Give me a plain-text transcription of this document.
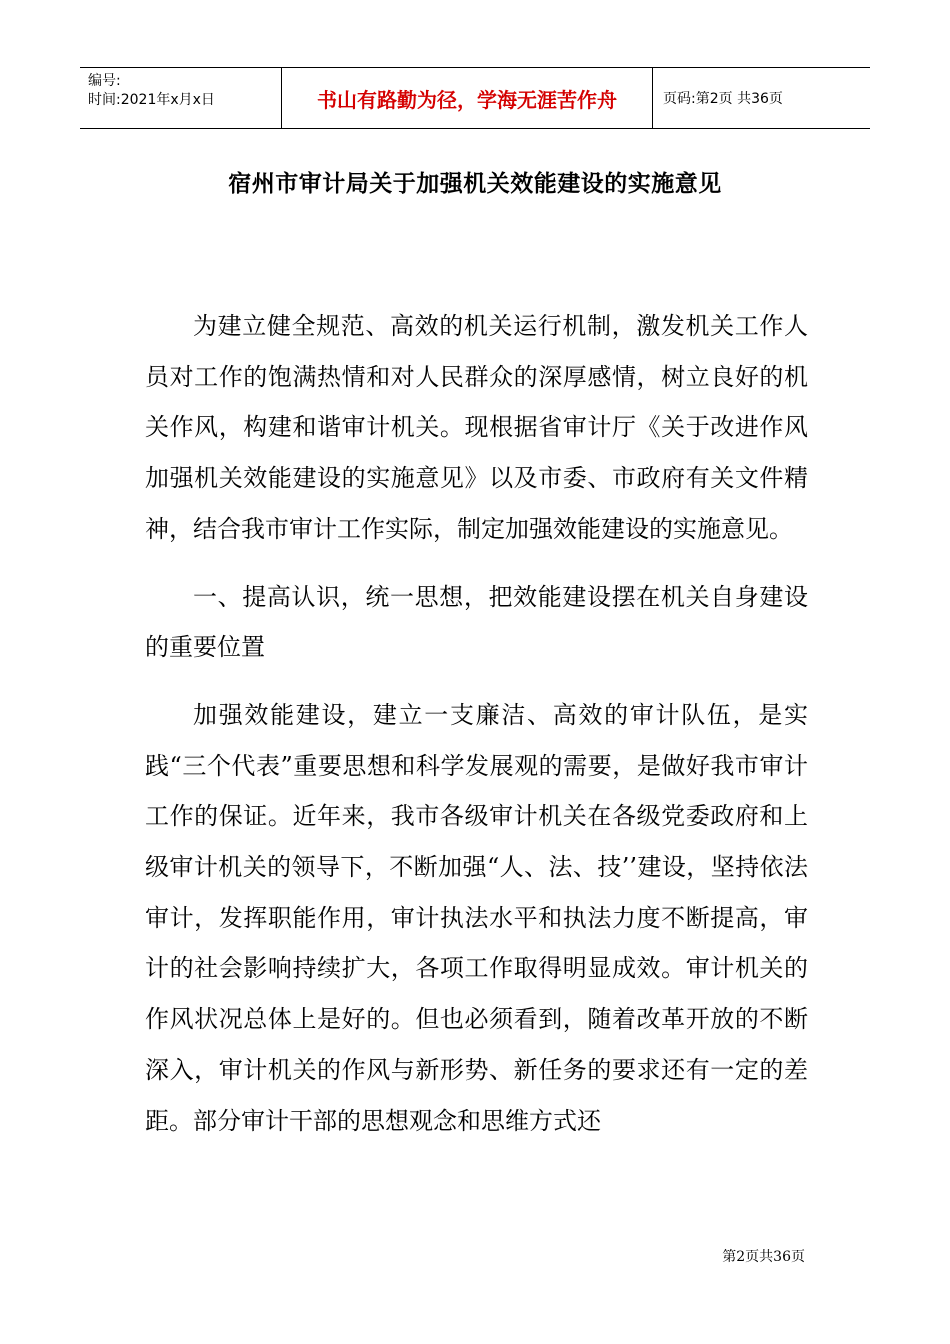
编号:
时间:2021年x月x日	书山有路勤为径，学海无涯苦作舟	页码:第2页 共36页
宿州市审计局关于加强机关效能建设的实施意见

为建立健全规范、高效的机关运行机制，激发机关工作人员对工作的饱满热情和对人民群众的深厚感情，树立良好的机关作风，构建和谐审计机关。现根据省审计厅《关于改进作风加强机关效能建设的实施意见》以及市委、市政府有关文件精神，结合我市审计工作实际，制定加强效能建设的实施意见。

一、提高认识，统一思想，把效能建设摆在机关自身建设的重要位置

加强效能建设，建立一支廉洁、高效的审计队伍，是实践“三个代表”重要思想和科学发展观的需要，是做好我市审计工作的保证。近年来，我市各级审计机关在各级党委政府和上级审计机关的领导下，不断加强“人、法、技’’建设，坚持依法审计，发挥职能作用，审计执法水平和执法力度不断提高，审计的社会影响持续扩大，各项工作取得明显成效。审计机关的作风状况总体上是好的。但也必须看到，随着改革开放的不断深入，审计机关的作风与新形势、新任务的要求还有一定的差距。部分审计干部的思想观念和思维方式还

第2页共36页
